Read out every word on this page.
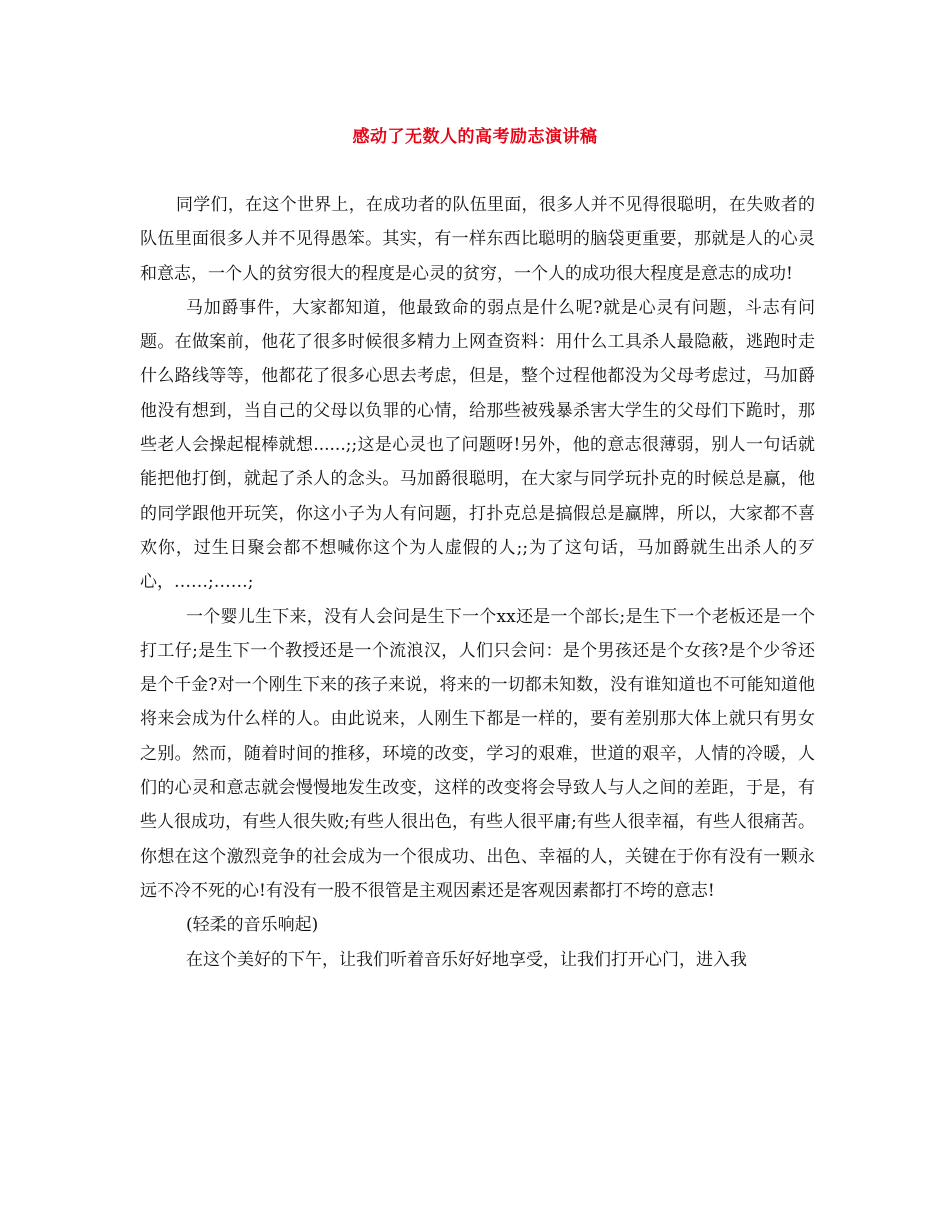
感动了无数人的高考励志演讲稿

同学们，在这个世界上，在成功者的队伍里面，很多人并不见得很聪明，在失败者的队伍里面很多人并不见得愚笨。其实，有一样东西比聪明的脑袋更重要，那就是人的心灵和意志，一个人的贫穷很大的程度是心灵的贫穷，一个人的成功很大程度是意志的成功!

马加爵事件，大家都知道，他最致命的弱点是什么呢?就是心灵有问题，斗志有问题。在做案前，他花了很多时候很多精力上网查资料：用什么工具杀人最隐蔽，逃跑时走什么路线等等，他都花了很多心思去考虑，但是，整个过程他都没为父母考虑过，马加爵他没有想到，当自己的父母以负罪的心情，给那些被残暴杀害大学生的父母们下跪时，那些老人会操起棍棒就想......;;这是心灵也了问题呀!另外，他的意志很薄弱，别人一句话就能把他打倒，就起了杀人的念头。马加爵很聪明，在大家与同学玩扑克的时候总是赢，他的同学跟他开玩笑，你这小子为人有问题，打扑克总是搞假总是赢牌，所以，大家都不喜欢你，过生日聚会都不想喊你这个为人虚假的人;;为了这句话，马加爵就生出杀人的歹心，……;……;

一个婴儿生下来，没有人会问是生下一个xx还是一个部长;是生下一个老板还是一个打工仔;是生下一个教授还是一个流浪汉，人们只会问：是个男孩还是个女孩?是个少爷还是个千金?对一个刚生下来的孩子来说，将来的一切都未知数，没有谁知道也不可能知道他将来会成为什么样的人。由此说来，人刚生下都是一样的，要有差别那大体上就只有男女之别。然而，随着时间的推移，环境的改变，学习的艰难，世道的艰辛，人情的冷暖，人们的心灵和意志就会慢慢地发生改变，这样的改变将会导致人与人之间的差距，于是，有些人很成功，有些人很失败;有些人很出色，有些人很平庸;有些人很幸福，有些人很痛苦。你想在这个激烈竞争的社会成为一个很成功、出色、幸福的人，关键在于你有没有一颗永远不冷不死的心!有没有一股不很管是主观因素还是客观因素都打不垮的意志!

(轻柔的音乐响起)

在这个美好的下午，让我们听着音乐好好地享受，让我们打开心门，进入我
